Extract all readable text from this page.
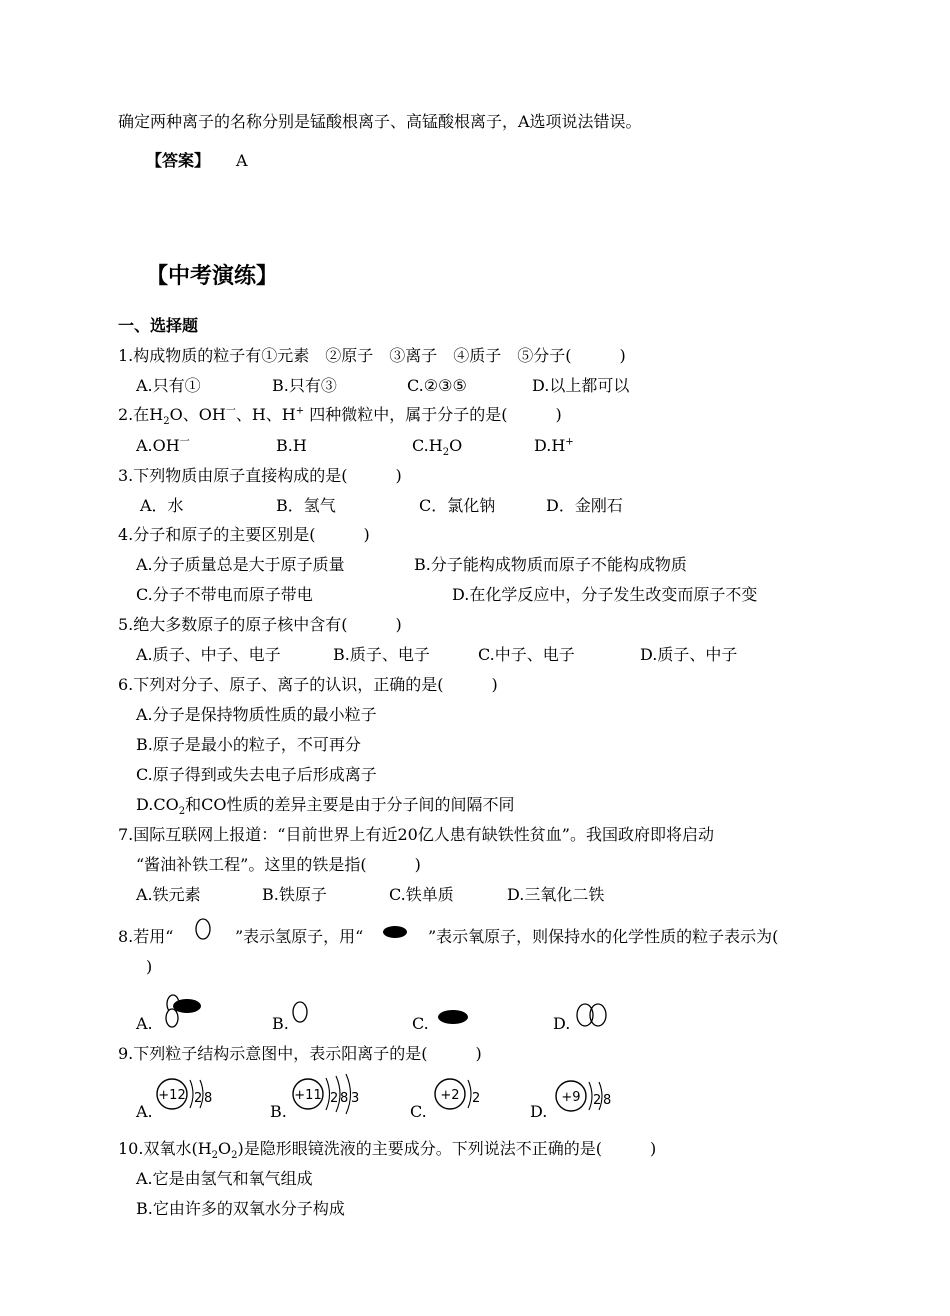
确定两种离子的名称分别是锰酸根离子、高锰酸根离子，A选项说法错误。
【答案】 A
【中考演练】
一、选择题
1.构成物质的粒子有①元素　②原子　③离子　④质子　⑤分子(　　　)
A.只有①	B.只有③	C.②③⑤	D.以上都可以
2.在$H_2O$、$OH^一$、H、H+ 四种微粒中，属于分子的是(　　　)
$A.OH^一$	B.H	$C.H_2O$	D.H+
3.下列物质由原子直接构成的是(　　　)
A．水	B．氢气	C．氯化钠	D．金刚石
4.分子和原子的主要区别是(　　　)
A.分子质量总是大于原子质量	B.分子能构成物质而原子不能构成物质
C.分子不带电而原子带电	D.在化学反应中，分子发生改变而原子不变
5.绝大多数原子的原子核中含有(　　　)
A.质子、中子、电子	B.质子、电子	C.中子、电子	D.质子、中子
6.下列对分子、原子、离子的认识，正确的是(　　　)
A.分子是保持物质性质的最小粒子
B.原子是最小的粒子，不可再分
C.原子得到或失去电子后形成离子
$D.CO_2$和CO性质的差异主要是由于分子间的间隔不同
7.国际互联网上报道：“目前世界上有近20亿人患有缺铁性贫血”。我国政府即将启动
“酱油补铁工程”。这里的铁是指(　　　)
A.铁元素	B.铁原子	C.铁单质	D.三氧化二铁
8.若用“	”表示氢原子，用“	”表示氧原子，则保持水的化学性质的粒子表示为(
)
A.	B.	C.	D.
9.下列粒子结构示意图中，表示阳离子的是(　　　)
+12 2 8	+11 2 8 3	+2 2	+9 2 8
A.	B.	C.	D.
10.双氧水$(H_2O_2)$是隐形眼镜洗液的主要成分。下列说法不正确的是(　　　)
A.它是由氢气和氧气组成
B.它由许多的双氧水分子构成
